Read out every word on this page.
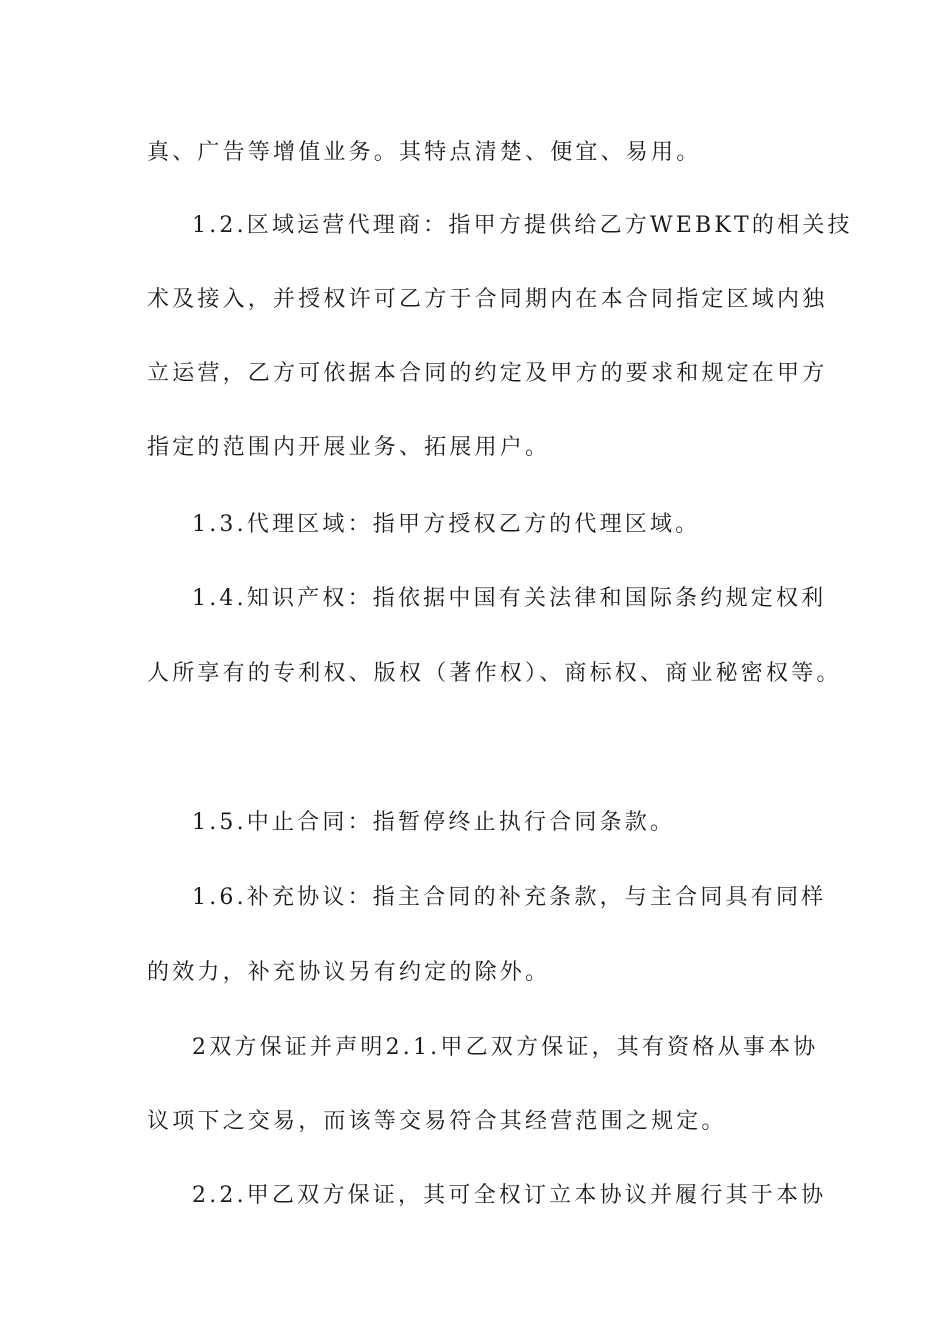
真、广告等增值业务。其特点清楚、便宜、易用。
1.2.区域运营代理商：指甲方提供给乙方WEBKT的相关技
术及接入，并授权许可乙方于合同期内在本合同指定区域内独
立运营，乙方可依据本合同的约定及甲方的要求和规定在甲方
指定的范围内开展业务、拓展用户。
1.3.代理区域：指甲方授权乙方的代理区域。
1.4.知识产权：指依据中国有关法律和国际条约规定权利
人所享有的专利权、版权（著作权）、商标权、商业秘密权等。
1.5.中止合同：指暂停终止执行合同条款。
1.6.补充协议：指主合同的补充条款，与主合同具有同样
的效力，补充协议另有约定的除外。
2双方保证并声明2.1.甲乙双方保证，其有资格从事本协
议项下之交易，而该等交易符合其经营范围之规定。
2.2.甲乙双方保证，其可全权订立本协议并履行其于本协
